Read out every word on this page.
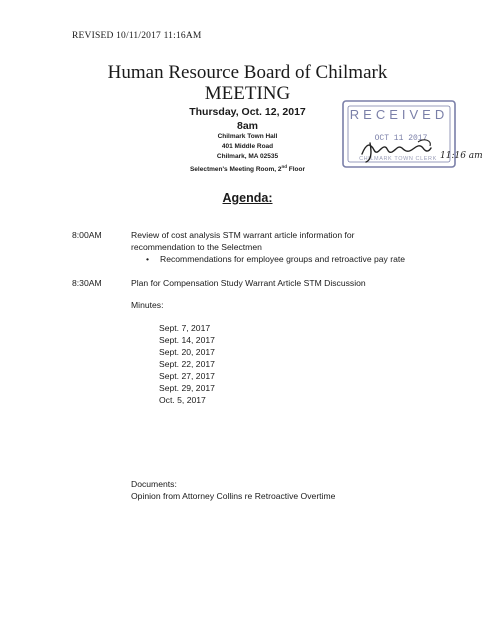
REVISED 10/11/2017 11:16AM
Human Resource Board of Chilmark
MEETING
Thursday, Oct. 12, 2017
8am
Chilmark Town Hall
401 Middle Road
Chilmark, MA 02535
Selectmen's Meeting Room, 2nd Floor
RECEIVED
OCT 11 2017
CHILMARK TOWN CLERK 11:16 am
Agenda:
8:00AM	Review of cost analysis STM warrant article information for
recommendation to the Selectmen
• Recommendations for employee groups and retroactive pay rate
8:30AM	Plan for Compensation Study Warrant Article STM Discussion
Minutes:
Sept. 7, 2017
Sept. 14, 2017
Sept. 20, 2017
Sept. 22, 2017
Sept. 27, 2017
Sept. 29, 2017
Oct. 5, 2017
Documents:
Opinion from Attorney Collins re Retroactive Overtime
